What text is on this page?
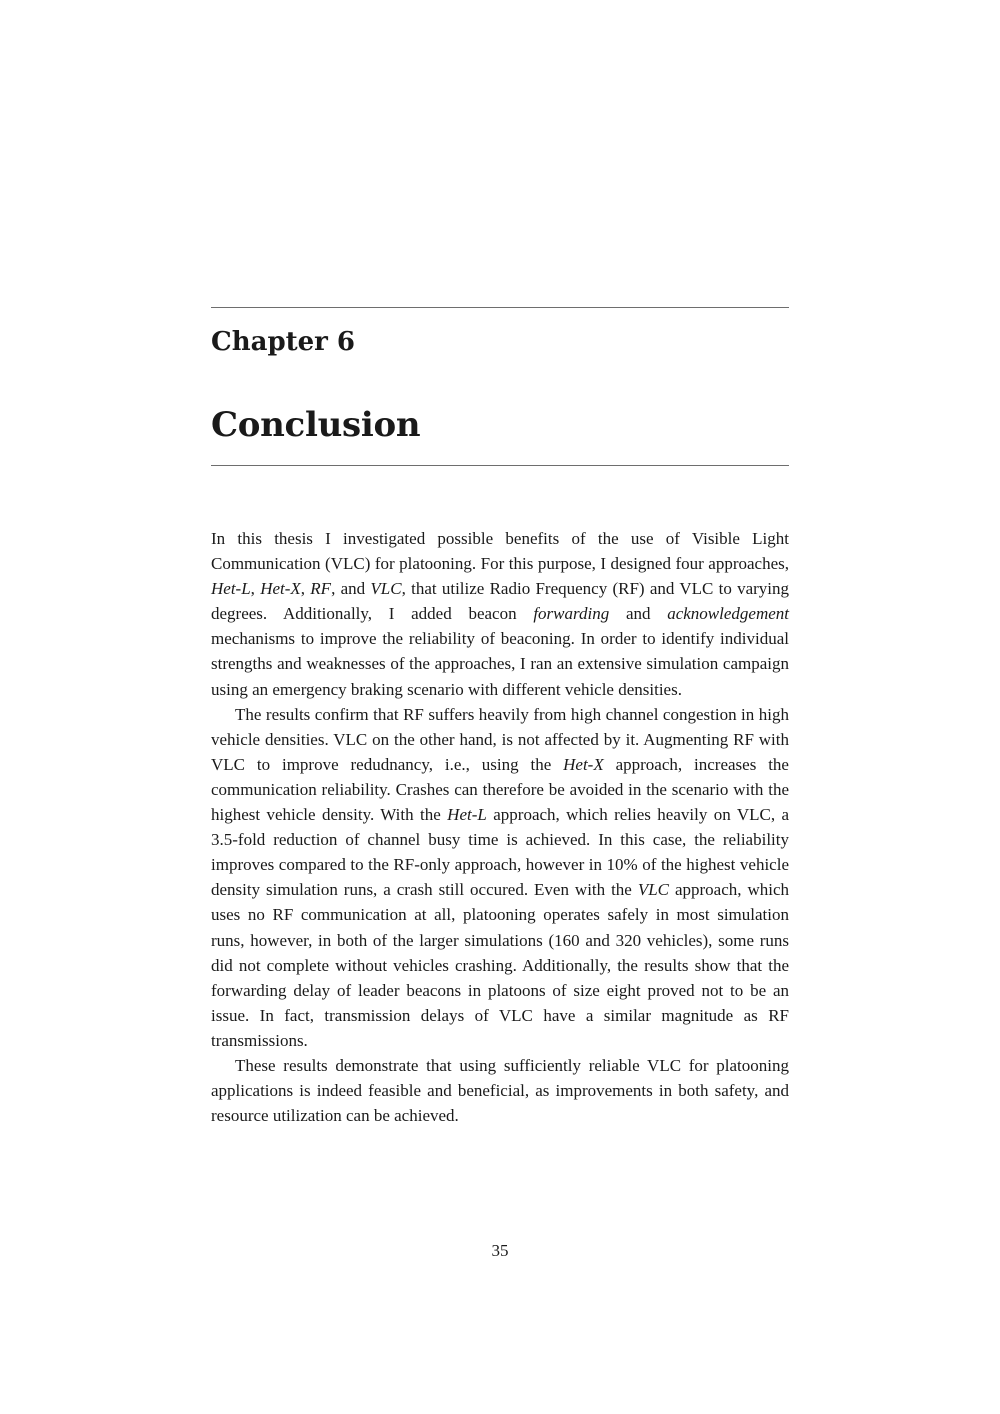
Chapter 6
Conclusion

In this thesis I investigated possible benefits of the use of Visible Light Communication (VLC) for platooning. For this purpose, I designed four approaches, Het-L, Het-X, RF, and VLC, that utilize Radio Frequency (RF) and VLC to varying degrees. Additionally, I added beacon forwarding and acknowledgement mechanisms to improve the reliability of beaconing. In order to identify individual strengths and weaknesses of the approaches, I ran an extensive simulation campaign using an emergency braking scenario with different vehicle densities.

The results confirm that RF suffers heavily from high channel congestion in high vehicle densities. VLC on the other hand, is not affected by it. Augmenting RF with VLC to improve redudnancy, i.e., using the Het-X approach, increases the communication reliability. Crashes can therefore be avoided in the scenario with the highest vehicle density. With the Het-L approach, which relies heavily on VLC, a 3.5-fold reduction of channel busy time is achieved. In this case, the reliability improves compared to the RF-only approach, however in 10% of the highest vehicle density simulation runs, a crash still occured. Even with the VLC approach, which uses no RF communication at all, platooning operates safely in most simulation runs, however, in both of the larger simulations (160 and 320 vehicles), some runs did not complete without vehicles crashing. Additionally, the results show that the forwarding delay of leader beacons in platoons of size eight proved not to be an issue. In fact, transmission delays of VLC have a similar magnitude as RF transmissions.

These results demonstrate that using sufficiently reliable VLC for platooning applications is indeed feasible and beneficial, as improvements in both safety, and resource utilization can be achieved.

35
